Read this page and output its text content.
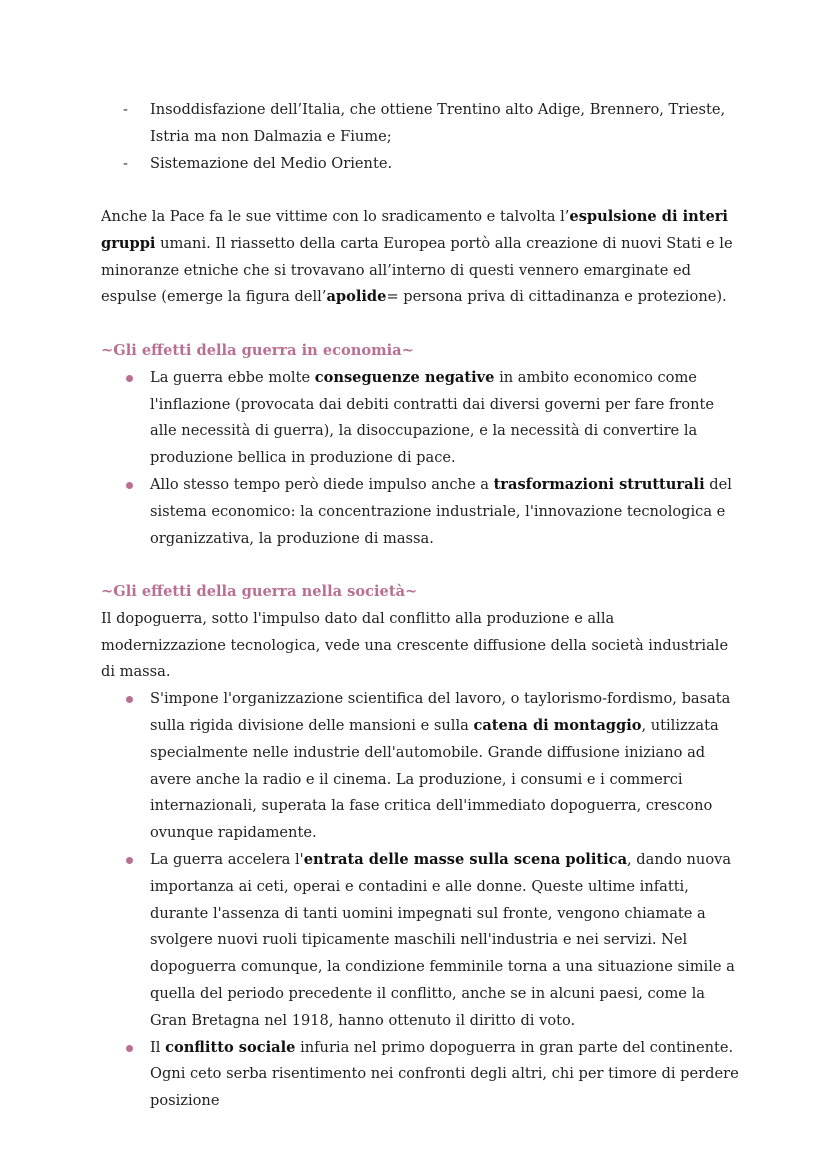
- Insoddisfazione dell’Italia, che ottiene Trentino alto Adige, Brennero, Trieste, Istria ma non Dalmazia e Fiume;
- Sistemazione del Medio Oriente.

Anche la Pace fa le sue vittime con lo sradicamento e talvolta l’espulsione di interi gruppi umani. Il riassetto della carta Europea portò alla creazione di nuovi Stati e le minoranze etniche che si trovavano all’interno di questi vennero emarginate ed espulse (emerge la figura dell’apolide= persona priva di cittadinanza e protezione).

~Gli effetti della guerra in economia~

La guerra ebbe molte conseguenze negative in ambito economico come l'inflazione (provocata dai debiti contratti dai diversi governi per fare fronte alle necessità di guerra), la disoccupazione, e la necessità di convertire la produzione bellica in produzione di pace.
Allo stesso tempo però diede impulso anche a trasformazioni strutturali del sistema economico: la concentrazione industriale, l'innovazione tecnologica e organizzativa, la produzione di massa.

~Gli effetti della guerra nella società~

Il dopoguerra, sotto l'impulso dato dal conflitto alla produzione e alla modernizzazione tecnologica, vede una crescente diffusione della società industriale di massa.

S'impone l'organizzazione scientifica del lavoro, o taylorismo-fordismo, basata sulla rigida divisione delle mansioni e sulla catena di montaggio, utilizzata specialmente nelle industrie dell'automobile. Grande diffusione iniziano ad avere anche la radio e il cinema. La produzione, i consumi e i commerci internazionali, superata la fase critica dell'immediato dopoguerra, crescono ovunque rapidamente.
La guerra accelera l'entrata delle masse sulla scena politica, dando nuova importanza ai ceti, operai e contadini e alle donne. Queste ultime infatti, durante l'assenza di tanti uomini impegnati sul fronte, vengono chiamate a svolgere nuovi ruoli tipicamente maschili nell'industria e nei servizi. Nel dopoguerra comunque, la condizione femminile torna a una situazione simile a quella del periodo precedente il conflitto, anche se in alcuni paesi, come la Gran Bretagna nel 1918, hanno ottenuto il diritto di voto.
Il conflitto sociale infuria nel primo dopoguerra in gran parte del continente. Ogni ceto serba risentimento nei confronti degli altri, chi per timore di perdere posizione
